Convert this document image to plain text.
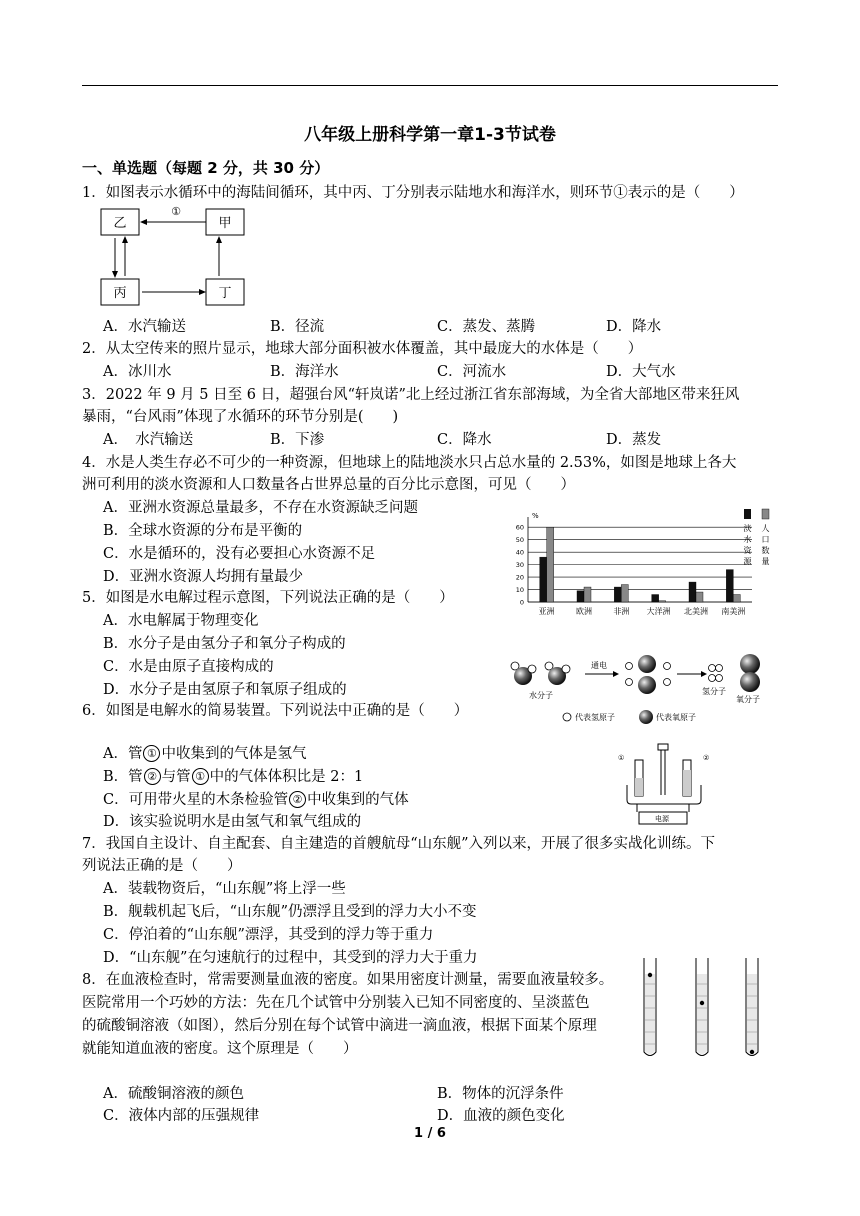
八年级上册科学第一章1-3节试卷
一、单选题（每题 2 分，共 30 分）
1．如图表示水循环中的海陆间循环，其中丙、丁分别表示陆地水和海洋水，则环节①表示的是（　　）
乙	甲
丙	丁
①
A．水汽输送	B．径流	C．蒸发、蒸腾	D．降水
2．从太空传来的照片显示，地球大部分面积被水体覆盖，其中最庞大的水体是（　　）
A．冰川水	B．海洋水	C．河流水	D．大气水
3．2022 年 9 月 5 日至 6 日，超强台风“轩岚诺”北上经过浙江省东部海域，为全省大部地区带来狂风
暴雨，“台风雨”体现了水循环的环节分别是(　　)
A．　水汽输送	B．下渗	C．降水	D．蒸发
4．水是人类生存必不可少的一种资源，但地球上的陆地淡水只占总水量的 2.53%，如图是地球上各大
洲可利用的淡水资源和人口数量各占世界总量的百分比示意图，可见（　　）
A．亚洲水资源总量最多，不存在水资源缺乏问题
B．全球水资源的分布是平衡的
C．水是循环的，没有必要担心水资源不足
D．亚洲水资源人均拥有量最少
%
0
10
20
30
40
50
60
亚洲	欧洲	非洲 大洋洲 北美洲 南美洲
淡
水
资
源
人
口
数
量
5．如图是水电解过程示意图，下列说法正确的是（　　）
A．水电解属于物理变化
B．水分子是由氢分子和氧分子构成的
C．水是由原子直接构成的
D．水分子是由氢原子和氧原子组成的	水分子
通电
氢分子
氧分子
代表氢原子	代表氧原子
6．如图是电解水的简易装置。下列说法中正确的是（　　）
A．管 ① 中收集到的气体是氢气
B．管 ② 与管 ① 中的气体体积比是 2：1
C．可用带火星的木条检验管 ② 中收集到的气体
D．该实验说明水是由氢气和氧气组成的
①	②
电源
7．我国自主设计、自主配套、自主建造的首艘航母“山东舰”入列以来，开展了很多实战化训练。下
列说法正确的是（　　）
A．装载物资后，“山东舰”将上浮一些
B．舰载机起飞后，“山东舰”仍漂浮且受到的浮力大小不变
C．停泊着的“山东舰”漂浮，其受到的浮力等于重力
D．“山东舰”在匀速航行的过程中，其受到的浮力大于重力
8．在血液检查时，常需要测量血液的密度。如果用密度计测量，需要血液量较多。
医院常用一个巧妙的方法：先在几个试管中分别装入已知不同密度的、呈淡蓝色
的硫酸铜溶液（如图），然后分别在每个试管中滴进一滴血液，根据下面某个原理
就能知道血液的密度。这个原理是（　　）
A．硫酸铜溶液的颜色	B．物体的沉浮条件
C．液体内部的压强规律	D．血液的颜色变化
1 / 6
